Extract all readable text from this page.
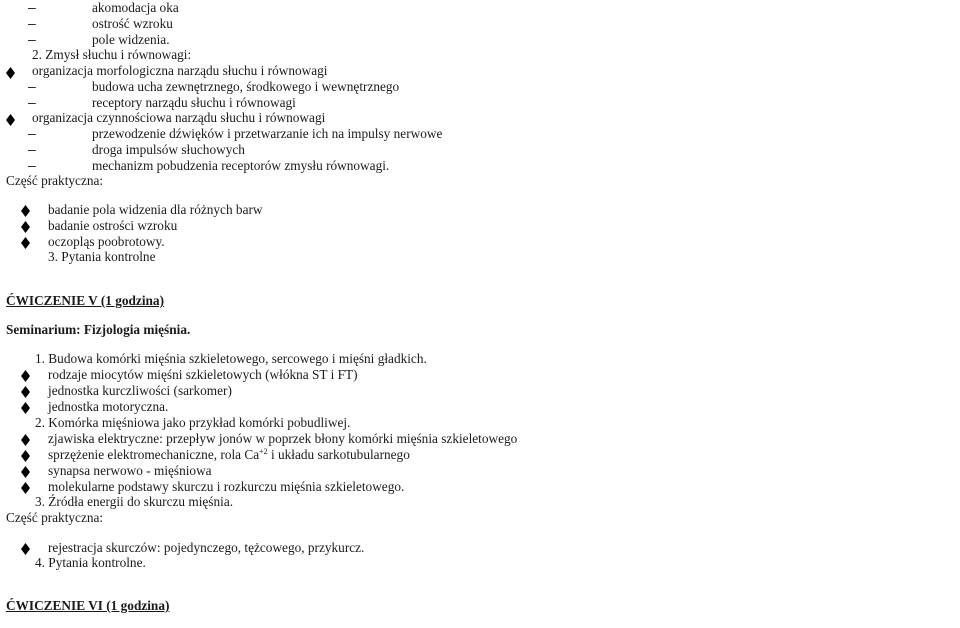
–	akomodacja oka
–	ostrość wzroku
–	pole widzenia.
2. Zmysł słuchu i równowagi:
organizacja morfologiczna narządu słuchu i równowagi
–	budowa ucha zewnętrznego, środkowego i wewnętrznego
–	receptory narządu słuchu i równowagi
organizacja czynnościowa narządu słuchu i równowagi
–	przewodzenie dźwięków i przetwarzanie ich na impulsy nerwowe
–	droga impulsów słuchowych
–	mechanizm pobudzenia receptorów zmysłu równowagi.
Część praktyczna:
badanie pola widzenia dla różnych barw
badanie ostrości wzroku
oczopląs poobrotowy.
3. Pytania kontrolne
ĆWICZENIE V (1 godzina)
Seminarium: Fizjologia mięśnia.
1. Budowa komórki mięśnia szkieletowego, sercowego i mięśni gładkich.
rodzaje miocytów mięśni szkieletowych (włókna ST i FT)
jednostka kurczliwości (sarkomer)
jednostka motoryczna.
2. Komórka mięśniowa jako przykład komórki pobudliwej.
zjawiska elektryczne: przepływ jonów w poprzek błony komórki mięśnia szkieletowego
sprzężenie elektromechaniczne, rola $Ca^{+2}$ i układu sarkotubularnego
synapsa nerwowo - mięśniowa
molekularne podstawy skurczu i rozkurczu mięśnia szkieletowego.
3. Źródła energii do skurczu mięśnia.
Część praktyczna:
rejestracja skurczów: pojedynczego, tężcowego, przykurcz.
4. Pytania kontrolne.
ĆWICZENIE VI (1 godzina)
